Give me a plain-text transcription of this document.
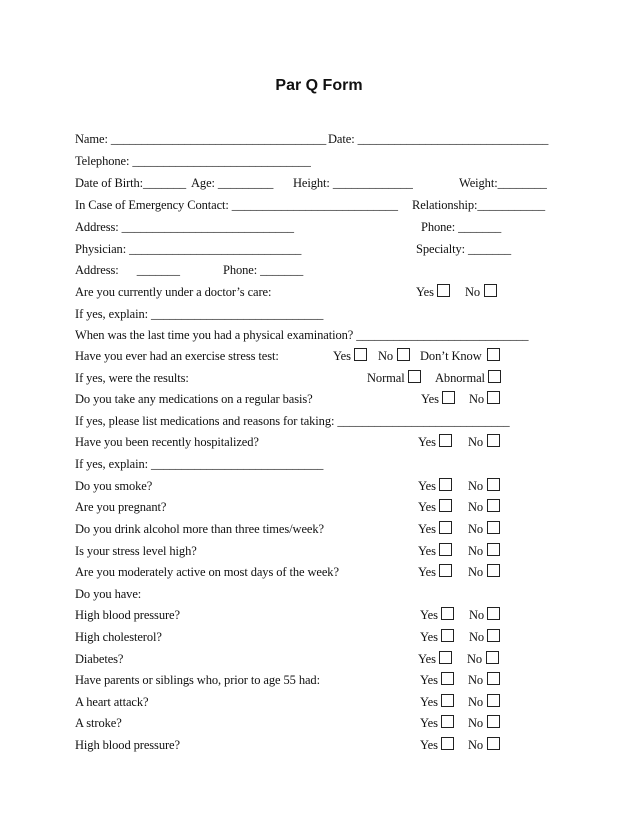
Par Q Form
Name: ___________________________________ Date: _______________________________
Telephone: _____________________________
Date of Birth:_______ Age: _________ Height: _____________	Weight:________
In Case of Emergency Contact: ___________________________ Relationship:___________
Address: ____________________________	Phone: _______
Physician: ____________________________	Specialty: _______
Address:      _______	Phone: _______
Are you currently under a doctor’s care:	Yes No
If yes, explain: ____________________________
When was the last time you had a physical examination? ____________________________
Have you ever had an exercise stress test:	Yes No Don’t Know
If yes, were the results:	Normal Abnormal
Do you take any medications on a regular basis?	Yes No
If yes, please list medications and reasons for taking: ____________________________
Have you been recently hospitalized?	Yes	No
If yes, explain: ____________________________
Do you smoke?	Yes	No
Are you pregnant?	Yes	No
Do you drink alcohol more than three times/week?	Yes	No
Is your stress level high?	Yes	No
Are you moderately active on most days of the week?	Yes	No
Do you have:
High blood pressure?	Yes No
High cholesterol?	Yes No
Diabetes?	Yes No
Have parents or siblings who, prior to age 55 had:	Yes No
A heart attack?	Yes No
A stroke?	Yes No
High blood pressure?	Yes No
